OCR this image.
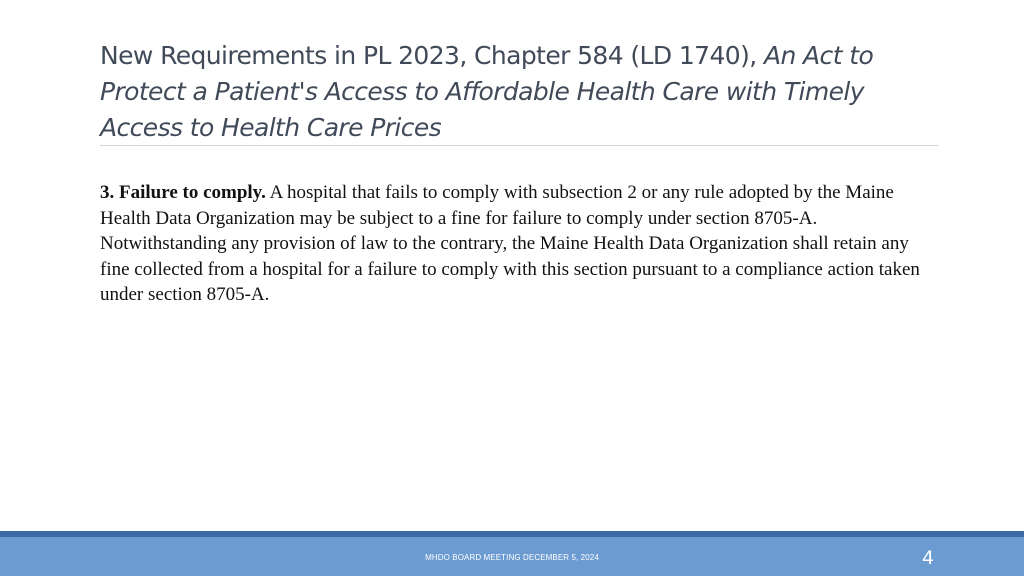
New Requirements in PL 2023, Chapter 584 (LD 1740), An Act to Protect a Patient's Access to Affordable Health Care with Timely Access to Health Care Prices

3. Failure to comply. A hospital that fails to comply with subsection 2 or any rule adopted by the Maine Health Data Organization may be subject to a fine for failure to comply under section 8705-A. Notwithstanding any provision of law to the contrary, the Maine Health Data Organization shall retain any fine collected from a hospital for a failure to comply with this section pursuant to a compliance action taken under section 8705-A.

MHDO BOARD MEETING DECEMBER 5, 2024	4
